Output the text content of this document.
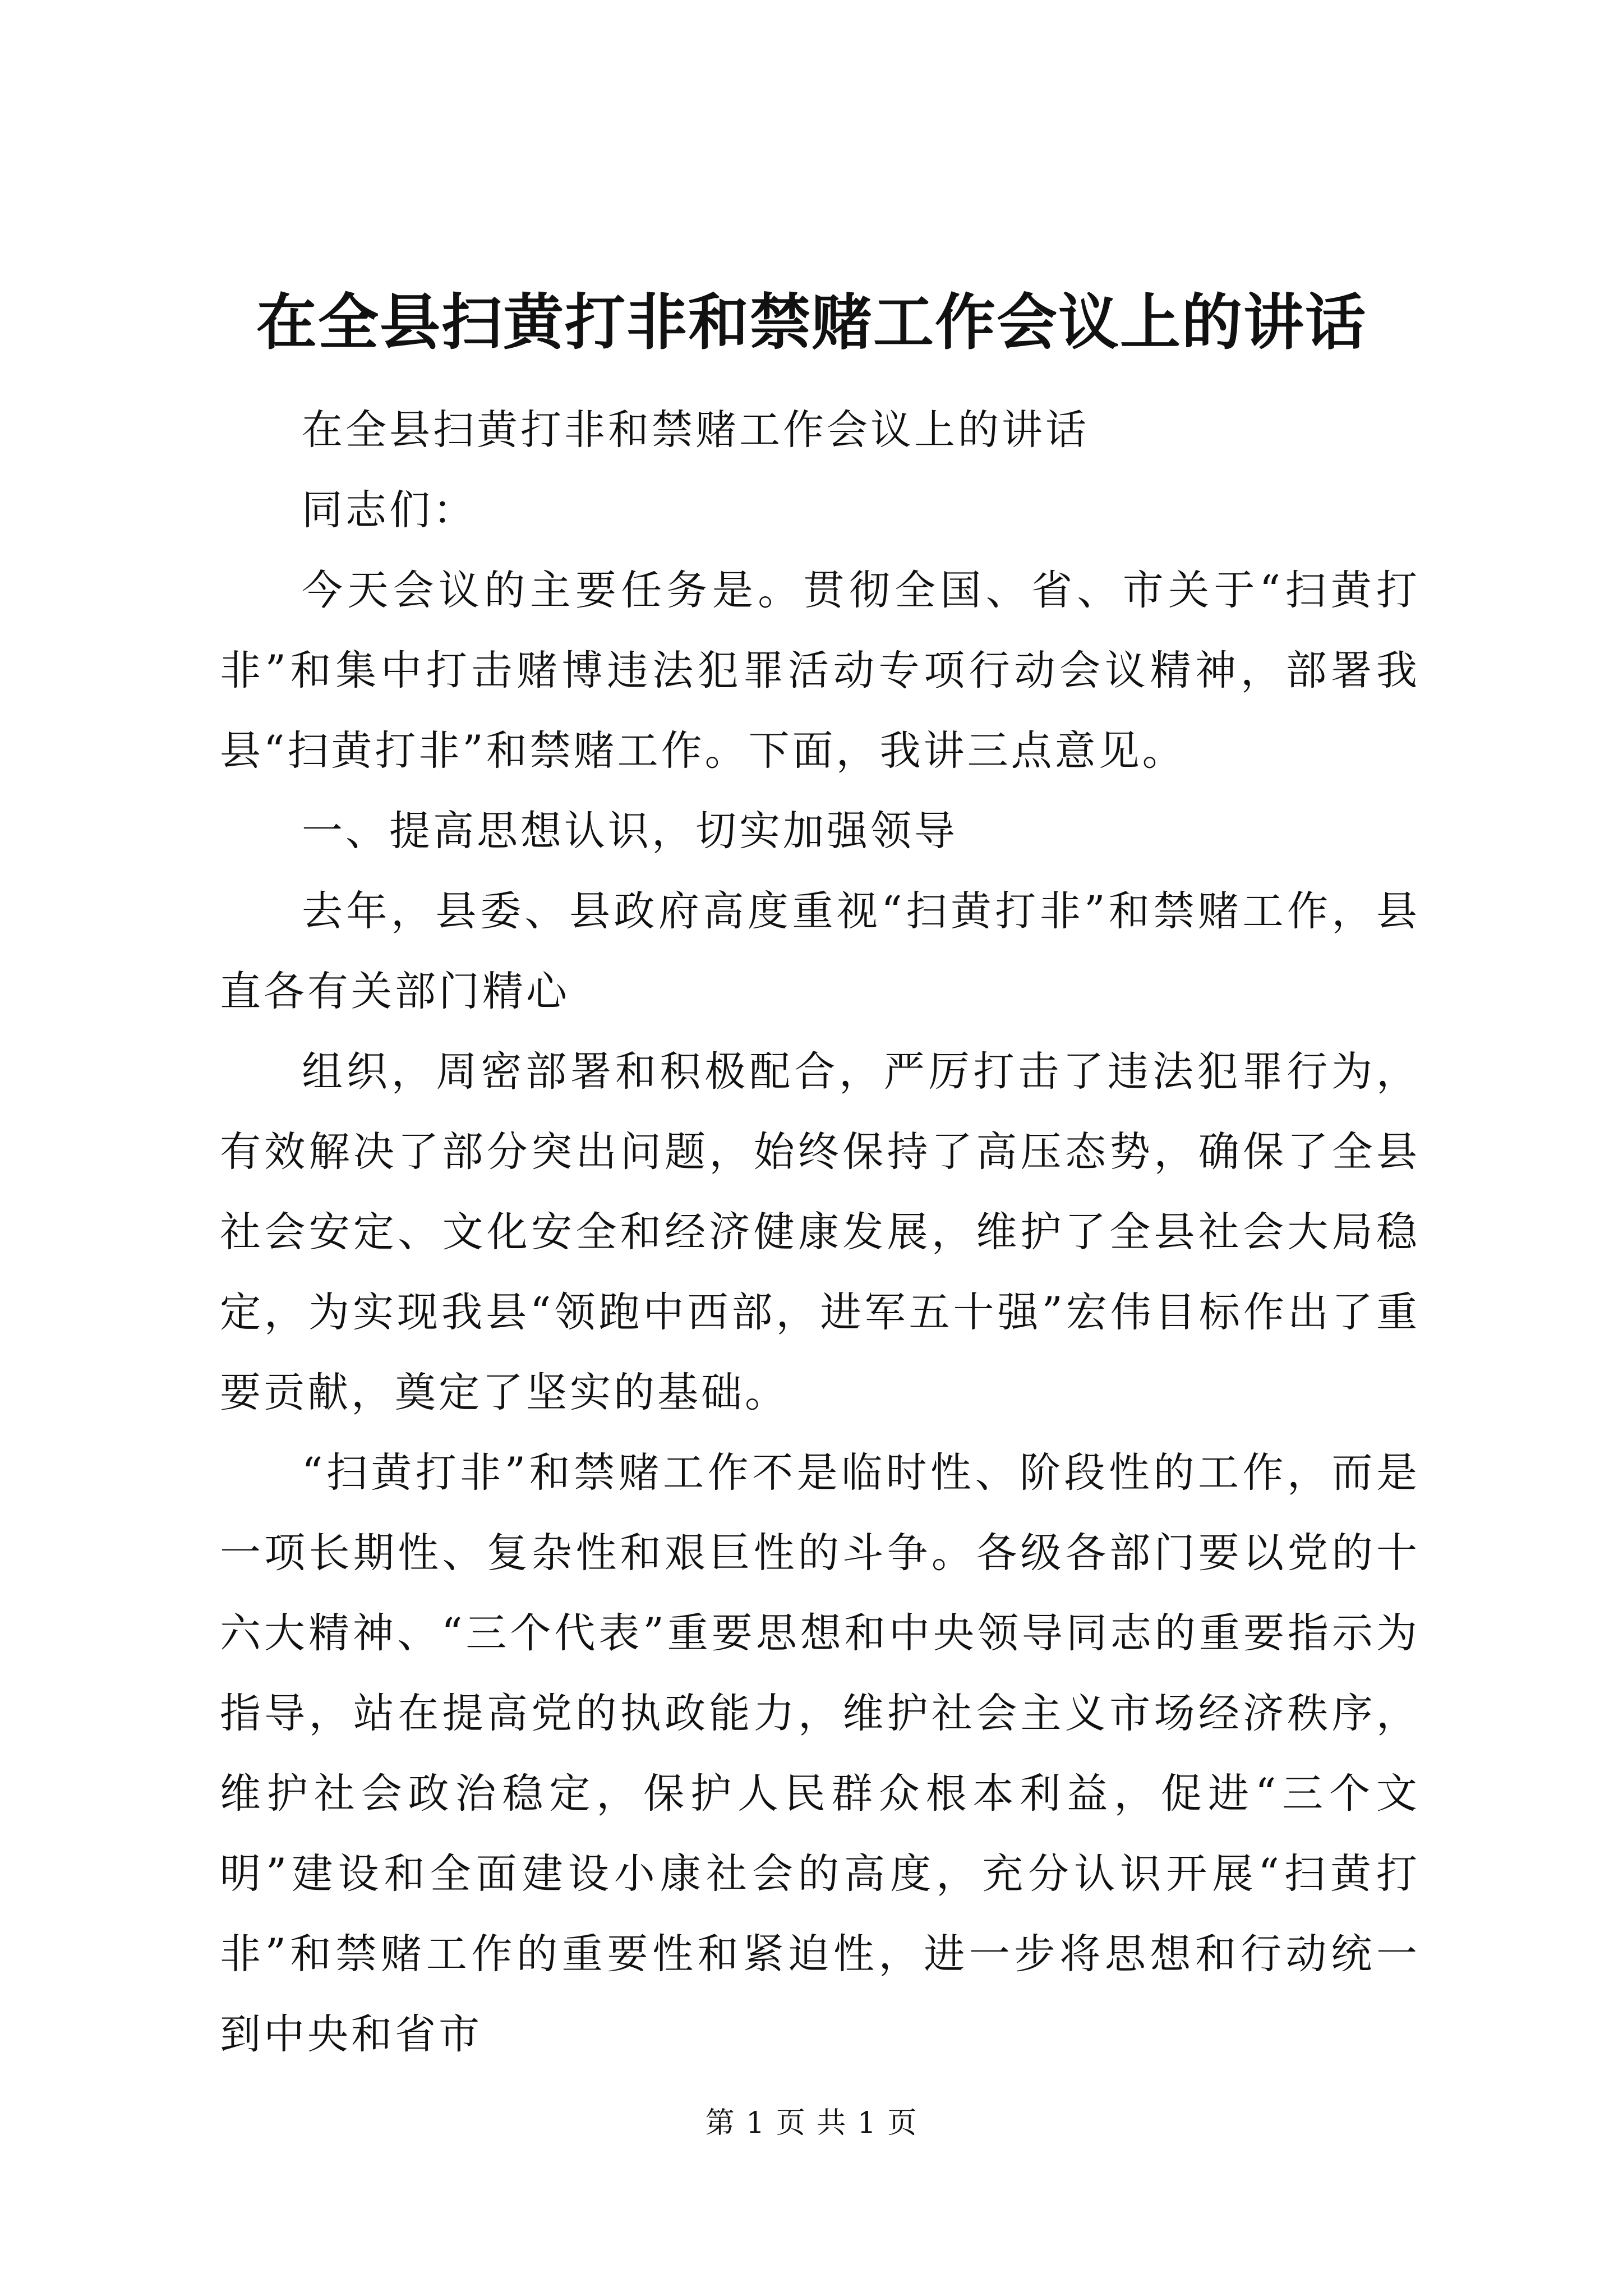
在全县扫黄打非和禁赌工作会议上的讲话

在全县扫黄打非和禁赌工作会议上的讲话

同志们：

今天会议的主要任务是。贯彻全国、省、市关于“扫黄打非”和集中打击赌博违法犯罪活动专项行动会议精神，部署我县“扫黄打非”和禁赌工作。下面，我讲三点意见。

一、提高思想认识，切实加强领导

去年，县委、县政府高度重视“扫黄打非”和禁赌工作，县直各有关部门精心

组织，周密部署和积极配合，严厉打击了违法犯罪行为，有效解决了部分突出问题，始终保持了高压态势，确保了全县社会安定、文化安全和经济健康发展，维护了全县社会大局稳定，为实现我县“领跑中西部，进军五十强”宏伟目标作出了重要贡献，奠定了坚实的基础。

“扫黄打非”和禁赌工作不是临时性、阶段性的工作，而是一项长期性、复杂性和艰巨性的斗争。各级各部门要以党的十六大精神、“三个代表”重要思想和中央领导同志的重要指示为指导，站在提高党的执政能力，维护社会主义市场经济秩序，维护社会政治稳定，保护人民群众根本利益，促进“三个文明”建设和全面建设小康社会的高度，充分认识开展“扫黄打非”和禁赌工作的重要性和紧迫性，进一步将思想和行动统一到中央和省市

第 1 页 共 1 页
